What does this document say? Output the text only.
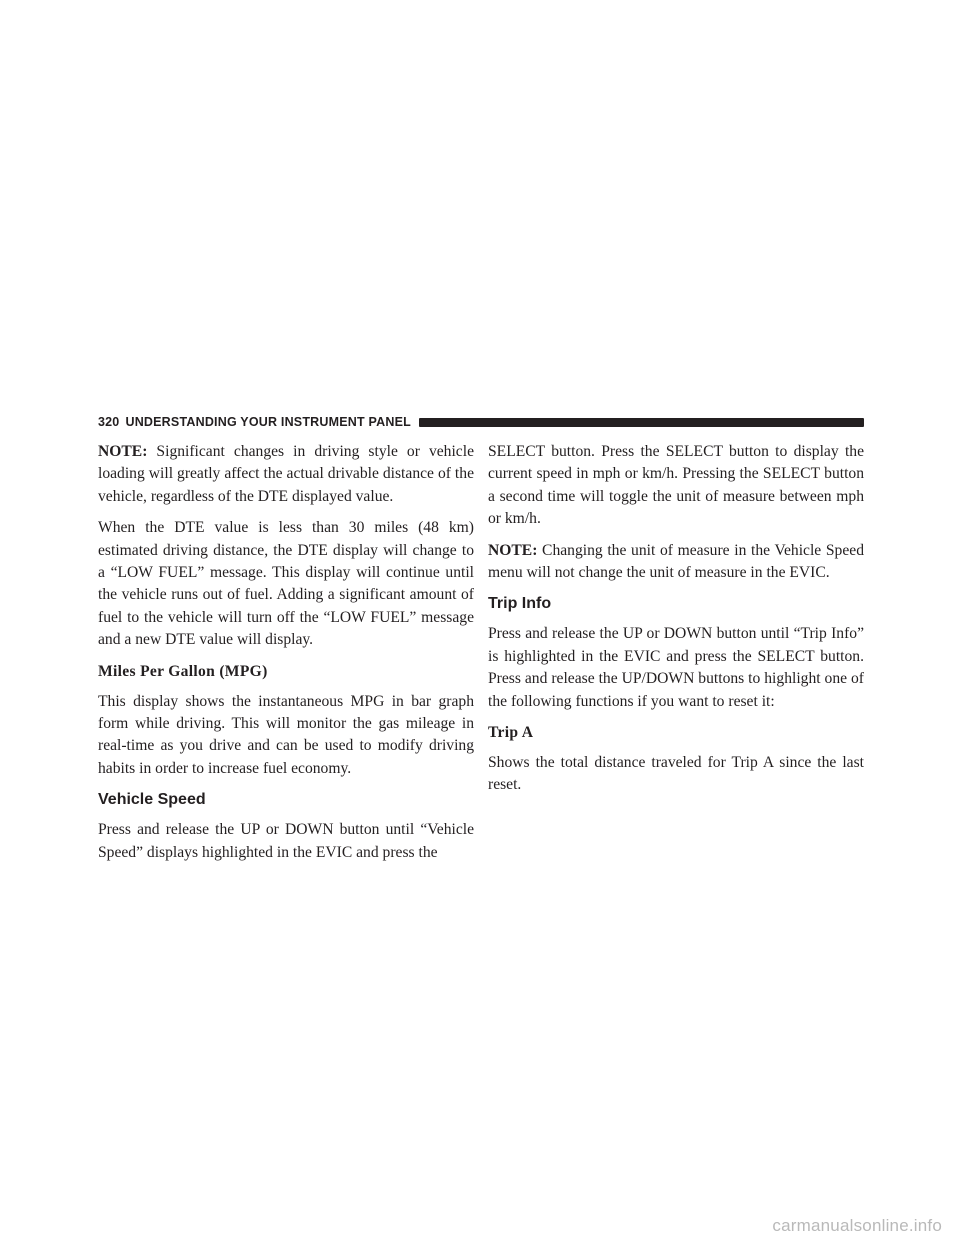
320 UNDERSTANDING YOUR INSTRUMENT PANEL

NOTE: Significant changes in driving style or vehicle loading will greatly affect the actual drivable distance of the vehicle, regardless of the DTE displayed value.

When the DTE value is less than 30 miles (48 km) estimated driving distance, the DTE display will change to a “LOW FUEL” message. This display will continue until the vehicle runs out of fuel. Adding a significant amount of fuel to the vehicle will turn off the “LOW FUEL” message and a new DTE value will display.

Miles Per Gallon (MPG)

This display shows the instantaneous MPG in bar graph form while driving. This will monitor the gas mileage in real-time as you drive and can be used to modify driving habits in order to increase fuel economy.

Vehicle Speed

Press and release the UP or DOWN button until “Vehicle Speed” displays highlighted in the EVIC and press the

SELECT button. Press the SELECT button to display the current speed in mph or km/h. Pressing the SELECT button a second time will toggle the unit of measure between mph or km/h.

NOTE: Changing the unit of measure in the Vehicle Speed menu will not change the unit of measure in the EVIC.

Trip Info

Press and release the UP or DOWN button until “Trip Info” is highlighted in the EVIC and press the SELECT button. Press and release the UP/DOWN buttons to highlight one of the following functions if you want to reset it:

Trip A

Shows the total distance traveled for Trip A since the last reset.

carmanualsonline.info
